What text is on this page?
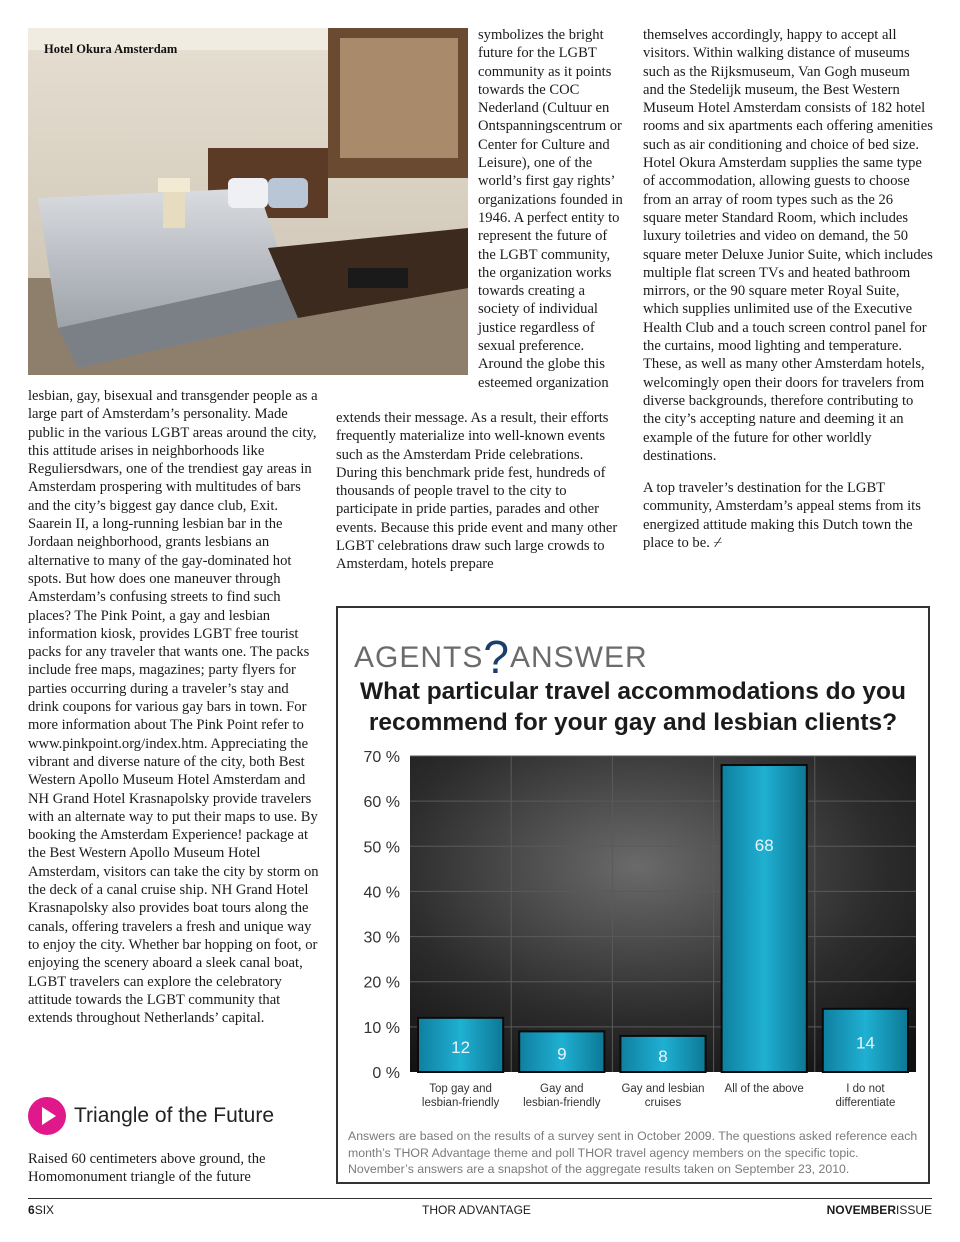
Hotel Okura Amsterdam

symbolizes the bright future for the LGBT community as it points towards the COC Nederland (Cultuur en Ontspanningscentrum or Center for Culture and Leisure), one of the world’s first gay rights’ organizations founded in 1946. A perfect entity to represent the future of the LGBT community, the organization works towards creating a society of individual justice regardless of sexual preference. Around the globe this esteemed organization

extends their message. As a result, their efforts frequently materialize into well-known events such as the Amsterdam Pride celebrations. During this benchmark pride fest, hundreds of thousands of people travel to the city to participate in pride parties, parades and other events. Because this pride event and many other LGBT celebrations draw such large crowds to Amsterdam, hotels prepare

lesbian, gay, bisexual and transgender people as a large part of Amsterdam’s personality. Made public in the various LGBT areas around the city, this attitude arises in neighborhoods like Reguliersdwars, one of the trendiest gay areas in Amsterdam prospering with multitudes of bars and the city’s biggest gay dance club, Exit. Saarein II, a long-running lesbian bar in the Jordaan neighborhood, grants lesbians an alternative to many of the gay-dominated hot spots. But how does one maneuver through Amsterdam’s confusing streets to find such places? The Pink Point, a gay and lesbian information kiosk, provides LGBT free tourist packs for any traveler that wants one. The packs include free maps, magazines; party flyers for parties occurring during a traveler’s stay and drink coupons for various gay bars in town. For more information about The Pink Point refer to www.pinkpoint.org/index.htm. Appreciating the vibrant and diverse nature of the city, both Best Western Apollo Museum Hotel Amsterdam and NH Grand Hotel Krasnapolsky provide travelers with an alternate way to put their maps to use. By booking the Amsterdam Experience! package at the Best Western Apollo Museum Hotel Amsterdam, visitors can take the city by storm on the deck of a canal cruise ship. NH Grand Hotel Krasnapolsky also provides boat tours along the canals, offering travelers a fresh and unique way to enjoy the city. Whether bar hopping on foot, or enjoying the scenery aboard a sleek canal boat, LGBT travelers can explore the celebratory attitude towards the LGBT community that extends throughout Netherlands’ capital.

Triangle of the Future

Raised 60 centimeters above ground, the Homomonument triangle of the future

themselves accordingly, happy to accept all visitors. Within walking distance of museums such as the Rijksmuseum, Van Gogh museum and the Stedelijk museum, the Best Western Museum Hotel Amsterdam consists of 182 hotel rooms and six apartments each offering amenities such as air conditioning and choice of bed size. Hotel Okura Amsterdam supplies the same type of accommodation, allowing guests to choose from an array of room types such as the 26 square meter Standard Room, which includes luxury toiletries and video on demand, the 50 square meter Deluxe Junior Suite, which includes multiple flat screen TVs and heated bathroom mirrors, or the 90 square meter Royal Suite, which supplies unlimited use of the Executive Health Club and a touch screen control panel for the curtains, mood lighting and temperature. These, as well as many other Amsterdam hotels, welcomingly open their doors for travelers from diverse backgrounds, therefore contributing to the city’s accepting nature and deeming it an example of the future for other worldly destinations.

A top traveler’s destination for the LGBT community, Amsterdam’s appeal stems from its energized attitude making this Dutch town the place to be. ⌿

AGENTS?ANSWER
What particular travel accommodations do you recommend for your gay and lesbian clients?
0 %
10 %
20 %
30 %
40 %
50 %
60 %
70 %
12
Top gay and
lesbian-friendly
9
Gay and
lesbian-friendly
8
Gay and lesbian
cruises
68
All of the above
14
I do not
differentiate
Answers are based on the results of a survey sent in October 2009. The questions asked reference each month’s THOR Advantage theme and poll THOR travel agency members on the specific topic. November’s answers are a snapshot of the aggregate results taken on September 23, 2010.
6SIX	THOR ADVANTAGE	NOVEMBERISSUE
